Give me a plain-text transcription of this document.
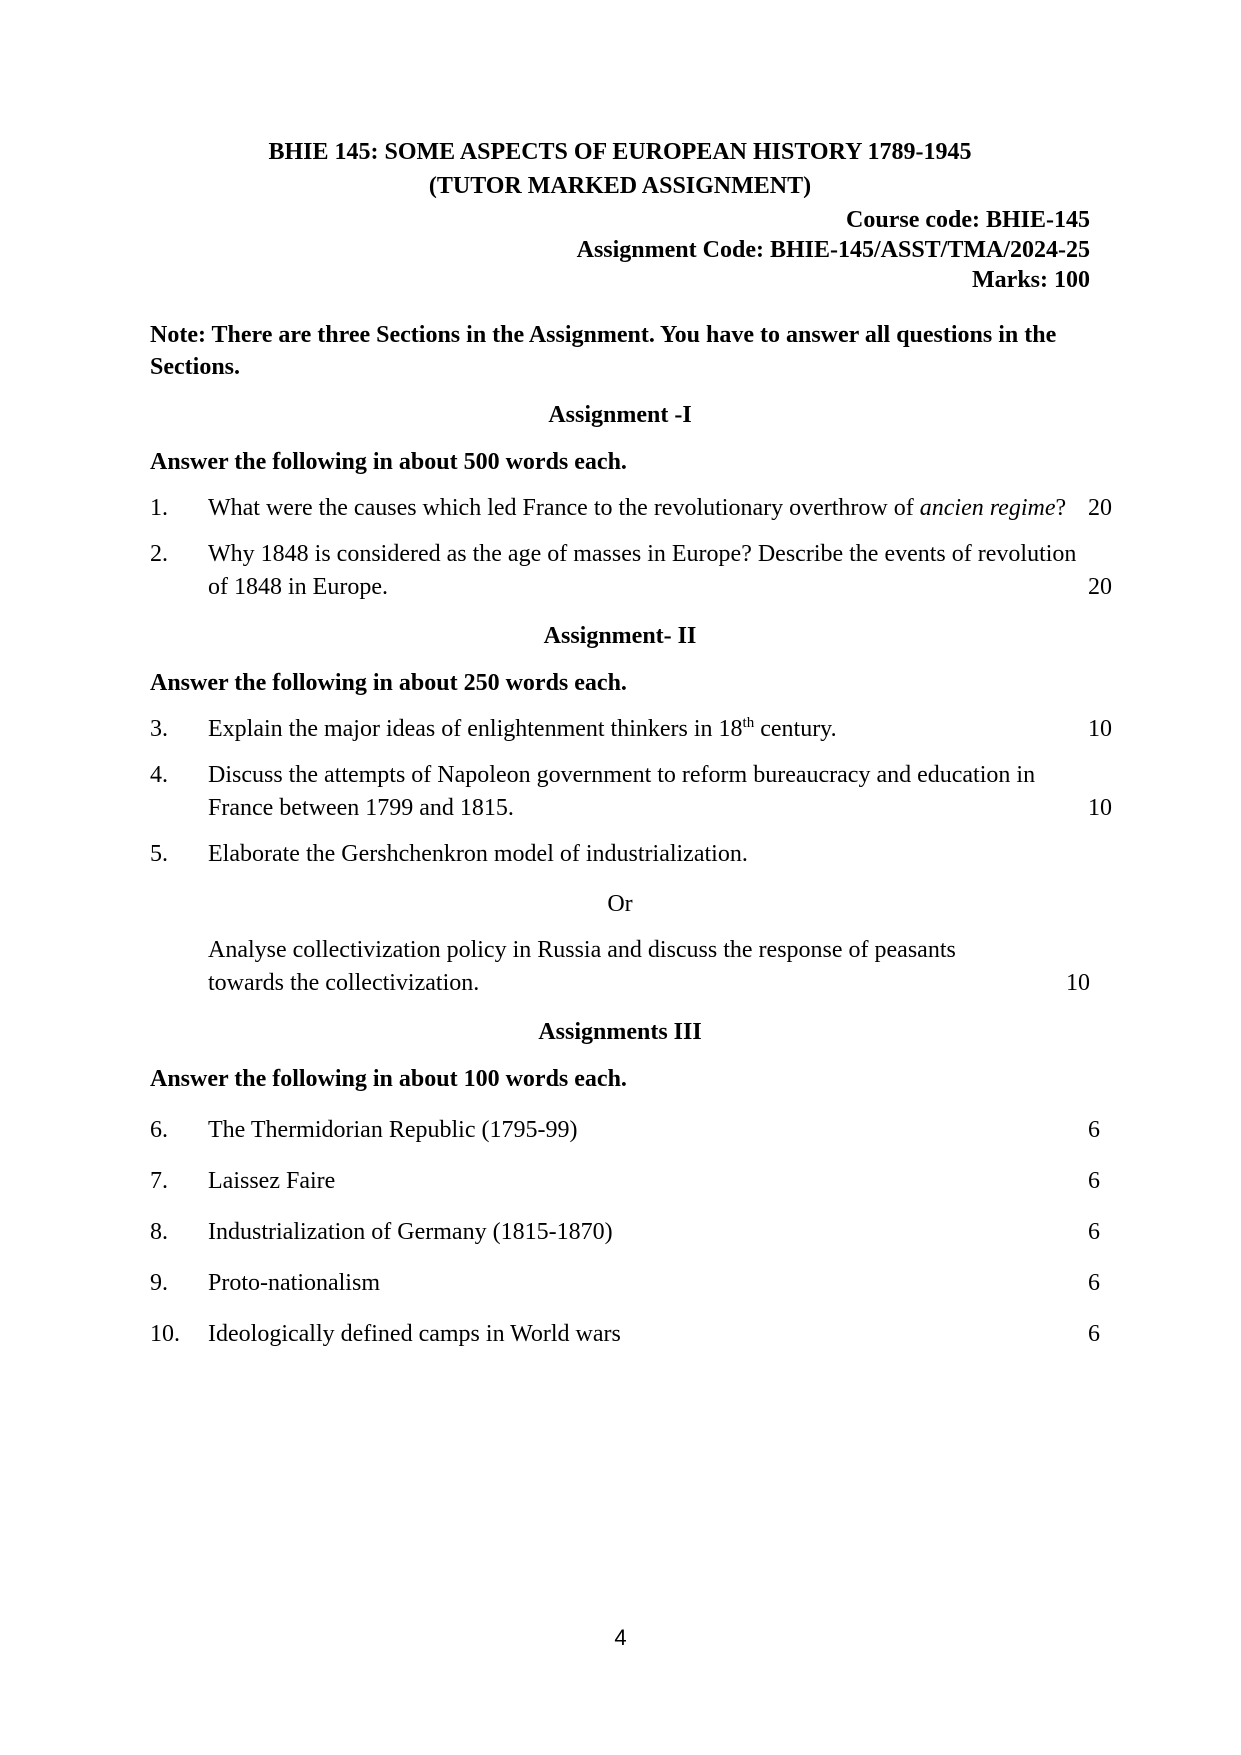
BHIE 145: SOME ASPECTS OF EUROPEAN HISTORY 1789-1945
(TUTOR MARKED ASSIGNMENT)
Course code: BHIE-145
Assignment Code: BHIE-145/ASST/TMA/2024-25
Marks: 100
Note: There are three Sections in the Assignment. You have to answer all questions in the Sections.
Assignment -I
Answer the following in about 500 words each.
1.	What were the causes which led France to the revolutionary overthrow of ancien regime? 20
2.	Why 1848 is considered as the age of masses in Europe? Describe the events of revolution of 1848 in Europe.	20
Assignment- II
Answer the following in about 250 words each.
3.	Explain the major ideas of enlightenment thinkers in 18th century.	10
4.	Discuss the attempts of Napoleon government to reform bureaucracy and education in France between 1799 and 1815.	10
5.	Elaborate the Gershchenkron model of industrialization.
Or
Analyse collectivization policy in Russia and discuss the response of peasants towards the collectivization.	10
Assignments III
Answer the following in about 100 words each.
6.	The Thermidorian Republic (1795-99)	6
7.	Laissez Faire	6
8.	Industrialization of Germany (1815-1870)	6
9.	Proto-nationalism	6
10.	Ideologically defined camps in World wars	6
4
